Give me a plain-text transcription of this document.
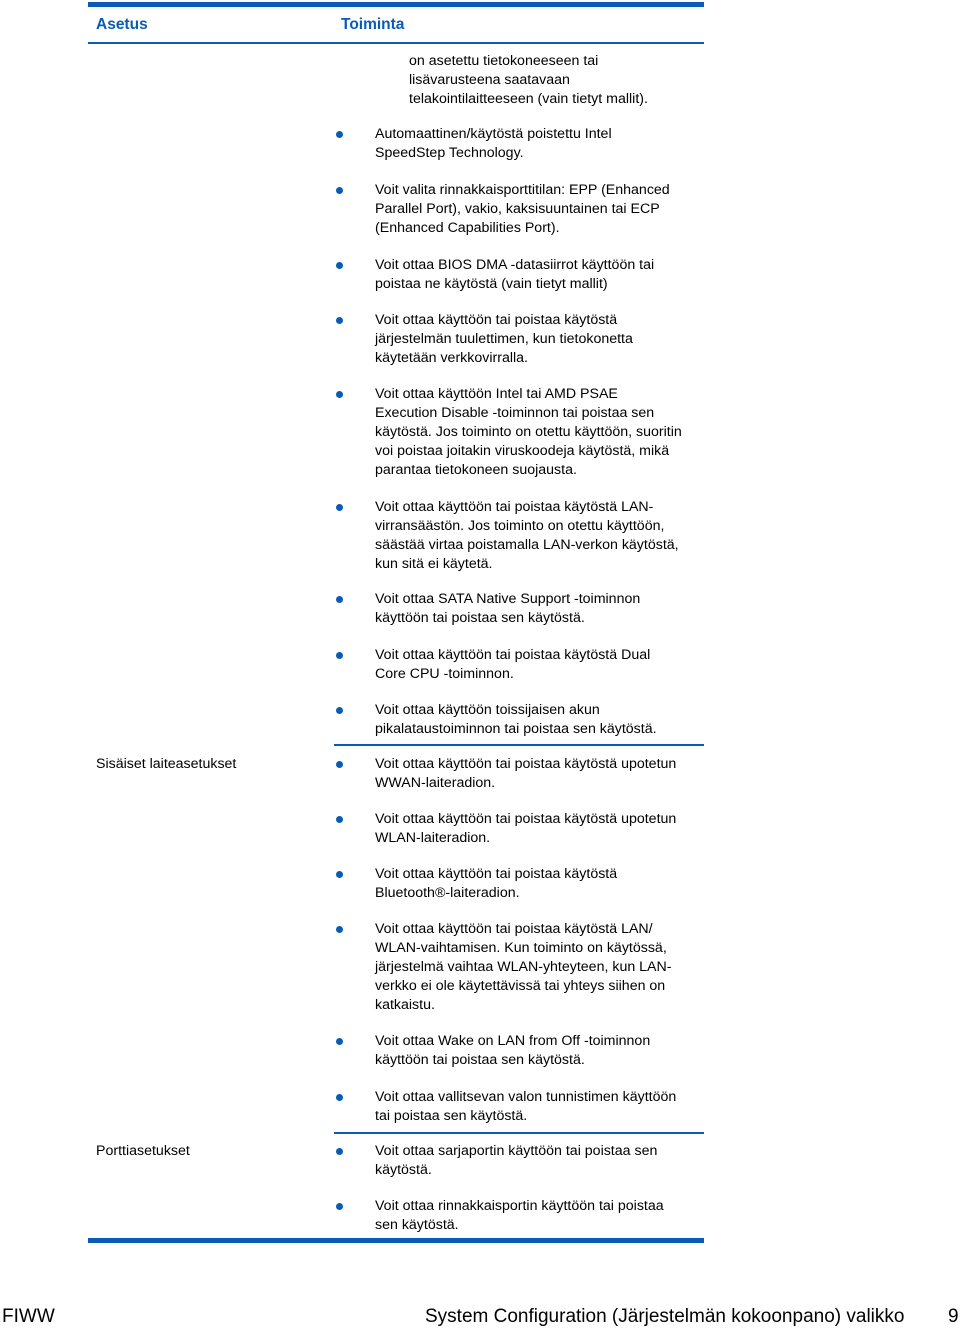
Asetus	Toiminta
on asetettu tietokoneeseen tai
lisävarusteena saatavaan
telakointilaitteeseen (vain tietyt mallit).
Automaattinen/käytöstä poistettu Intel
SpeedStep Technology.
Voit valita rinnakkaisporttitilan: EPP (Enhanced
Parallel Port), vakio, kaksisuuntainen tai ECP
(Enhanced Capabilities Port).
Voit ottaa BIOS DMA -datasiirrot käyttöön tai
poistaa ne käytöstä (vain tietyt mallit)
Voit ottaa käyttöön tai poistaa käytöstä
järjestelmän tuulettimen, kun tietokonetta
käytetään verkkovirralla.
Voit ottaa käyttöön Intel tai AMD PSAE
Execution Disable -toiminnon tai poistaa sen
käytöstä. Jos toiminto on otettu käyttöön, suoritin
voi poistaa joitakin viruskoodeja käytöstä, mikä
parantaa tietokoneen suojausta.
Voit ottaa käyttöön tai poistaa käytöstä LAN-
virransäästön. Jos toiminto on otettu käyttöön,
säästää virtaa poistamalla LAN-verkon käytöstä,
kun sitä ei käytetä.
Voit ottaa SATA Native Support -toiminnon
käyttöön tai poistaa sen käytöstä.
Voit ottaa käyttöön tai poistaa käytöstä Dual
Core CPU -toiminnon.
Voit ottaa käyttöön toissijaisen akun
pikalataustoiminnon tai poistaa sen käytöstä.
Sisäiset laiteasetukset	Voit ottaa käyttöön tai poistaa käytöstä upotetun
WWAN-laiteradion.
Voit ottaa käyttöön tai poistaa käytöstä upotetun
WLAN-laiteradion.
Voit ottaa käyttöön tai poistaa käytöstä
Bluetooth®-laiteradion.
Voit ottaa käyttöön tai poistaa käytöstä LAN/
WLAN-vaihtamisen. Kun toiminto on käytössä,
järjestelmä vaihtaa WLAN-yhteyteen, kun LAN-
verkko ei ole käytettävissä tai yhteys siihen on
katkaistu.
Voit ottaa Wake on LAN from Off -toiminnon
käyttöön tai poistaa sen käytöstä.
Voit ottaa vallitsevan valon tunnistimen käyttöön
tai poistaa sen käytöstä.
Porttiasetukset	Voit ottaa sarjaportin käyttöön tai poistaa sen
käytöstä.
Voit ottaa rinnakkaisportin käyttöön tai poistaa
sen käytöstä.
FIWW	System Configuration (Järjestelmän kokoonpano) valikko 9
